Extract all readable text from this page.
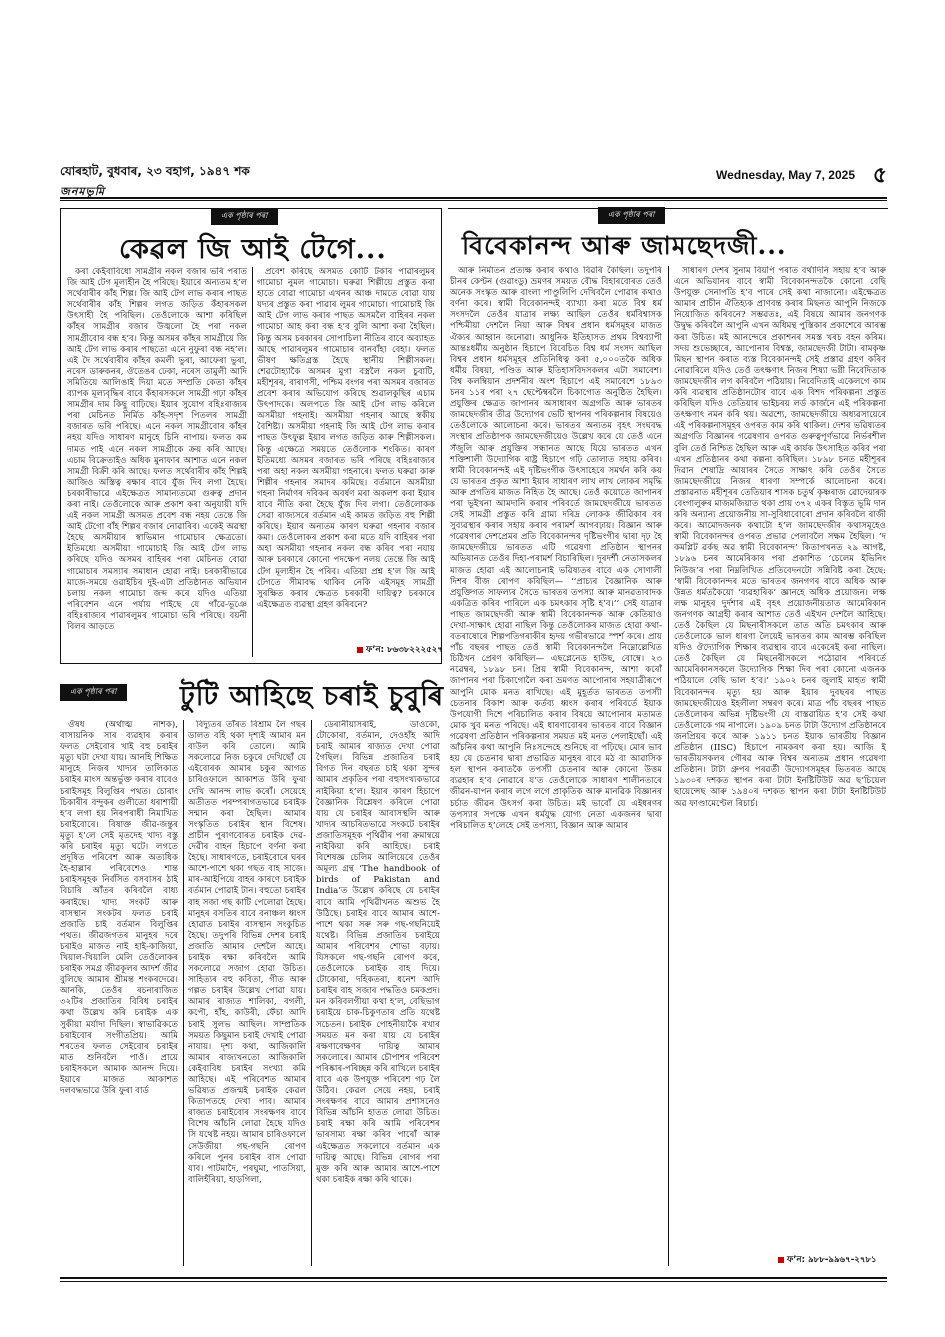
যোৰহাট, বুধবাৰ, ২৩ বহাগ, ১৯৪৭ শক
জনমভূমি
Wednesday, May 7, 2025 ৫
এক পৃষ্ঠাৰ পৰা
কেৱল জি আই টেগে...

কৰা কেইবাবিধো সামগ্ৰীৰ নকল বজাৰ ভৰি পৰাত জি আই টেগ মূল্যহীন হৈ পৰিছে। ইয়াৰে অন্যতম হ’ল সৰ্থেবাৰীৰ কাঁহ শিল্প। জি আই টেগ লাভ কৰাৰ পাছত সৰ্থেবাৰীৰ কাঁহ শিল্পৰ লগত জড়িত কঁহাৰসকল উৎসাহী হৈ পৰিছিল। তেওঁলোকে আশা কৰিছিল কাঁহৰ সামগ্ৰীৰ বজাৰ উজ্বলো হৈ পৰা নকল সামগ্ৰীবোৰ বন্ধ হ’ব। কিন্তু অসমৰ কাঁহৰ সামগ্ৰীয়ে জি আই টেগ লাভ কৰাৰ পাছতো এনে নুফুৰা বন্ধ নহ’ল। এই দৈ সৰ্থেবাৰীৰ কাঁহৰ কমলী ভুৰা, আফেৰা ভুৰা, নৰেস ডাৰুকনৰ, ঔতেঙৰ ঢেকা, নৰেস তামুলী আদি সমিতিয়ে আলিঙাই দিয়া মতে সম্প্ৰতি কেতা কাঁহৰ ব্যাপক মূল্যবৃদ্ধিৰ বাবে কঁহাৰসকলে সামগ্ৰী গঢ়া কাঁহৰ সামগ্ৰীৰ দাম কিছু বাঢ়িছে। ইয়াৰ সুযোগ বহিঃৰাজ্যৰ পৰা মেচিনত নিৰ্মিত কাঁহ-সদৃশ পিতলৰ সামগ্ৰী বজাৰত ভৰি পৰিছে। এনে নকল সামগ্ৰীবোৰ কাঁহৰ নহয় যদিও সাধাৰণ মানুহে চিনি নাপায়। ফলত কম দামত পাই এনে নকল সামগ্ৰীকে ক্ৰয় কৰি আছে। এচাম বিক্ৰেতাইও অধিক মুনাফাৰ আশাত এনে নকল সামগ্ৰী বিক্ৰী কৰি আছে। ফলত সৰ্থেবাৰীৰ কাঁহ শিল্পই আজিও অস্তিত্ব ৰক্ষাৰ বাবে যুঁজ দিব লগা হৈছে। চৰকাৰীভাৱে এইক্ষেত্ৰত সামান্যতমো গুৰুত্ব প্ৰদান কৰা নাই। তেওঁলোকে আৰু প্ৰকাশ কৰা অনুযায়ী যদি এই নকল সামগ্ৰী অসমত প্ৰবেশ বন্ধ নহয় তেন্তে জি আই টেগো বাঁহ শিল্পৰ বজাৰ নোৱাৰিব। একেই অৱস্থা হৈছে অসমীয়াৰ স্বাভিমান গামোচাৰ ক্ষেত্ৰতো। ইতিমধ্যে অসমীয়া গামোচাই জি আই টেগ লাভ কৰিছে যদিও অসমৰ বাহিৰৰ পৰা মেচিনত বোৱা গামোচাৰ সমস্যাৰ সমাধান হোৱা নাই। চৰকাৰীভাৱে মাজে-সময়ে ওৱাইচিৰ দুই-এটা প্ৰতিষ্ঠানত অভিযান চলায় নকল গামোচা জব্দ কৰে যদিও এতিয়া পৰিবেশন এনে পৰ্যায় পাইছে যে গাঁৱে-ভূঞে বহিঃৰাজ্যৰ পাৱাৰলুমৰ গামোচা ভৰি পৰিছে। বয়নী বিলৰ আড়তে

প্ৰবেশ কৰিছে অসমত কোটি টকাৰ পাৱাৰলুমৰ গামোচা নুমল গামোচা। ঘৰুৱা শিল্পীয়ে প্ৰস্তুত কৰা হাতে বোৱা গামোচা এখনৰ আঞ্চ দামতে বোৱা যায় যদ্যৰ প্ৰস্তুত কৰা পাৱাৰ লুমৰ গামোচা। গামোচাই জি আই টেগ লাভ কৰাৰ পাছত অসমলৈ বাহিৰৰ নকল গামোচা আহ কৰা বন্ধ হ’ব বুলি আশা কৰা হৈছিল। কিন্তু অসম চৰকাৰৰ সোপাচিলা নীতিৰ বাবে অব্যাহত আছে পাৱাৰলুমৰ গামোচাৰ বানবাঁহা বেহা। ফলত ভীষণ ক্ষতিগ্ৰস্ত হৈছে স্থানীয় শিল্পীসকল। শেৱটোহ্যাকৈ অসমৰ মুগা বস্ত্ৰলৈ নকল চুবাটি, মহীশূৰৰ, বাৰাণসী, পশ্চিম বংগৰ পৰা অসমৰ বজাৰত প্ৰবেশ কৰাৰ অভিযোগ কৰিছে শুৱালকুছিৰ এচাম উৎপাদকে। অলপতে জি আই টেগ লাভ কৰিলে অসমীয়া গহনাই। অসমীয়া গহনাৰ আছে স্বকীয় বৈশিষ্ট্য। অসমীয়া গহনাই জি আই টেগ লাভ কৰাৰ পাছত উৎফুল্ল ইয়াৰ লগত জড়িত কাৰু শিল্পীসকল। কিন্তু এক্ষেত্ৰে সময়তে তেওঁলোক শংকিত। কাৰণ ইতিমধ্যে অসমৰ বজাৰত ভৰি পৰিছে বহিঃৰাজ্যৰ পৰা অহা নকল অসমীয়া গহনাৰে। ফলত ঘৰুৱা কাৰু শিল্পীৰ গহনাৰ সমাদৰ কমিছে। বৰ্তমানে অসমীয়া গহনা নিৰ্মাণৰ দবিকৰ অবৰ্ষণ মৰা অকলশ কৰা ইয়াৰ বাবে নীতি কৰা হৈছে যুঁজ দিব লগা। তেওঁলোকক সেৱা ৰাজ্যসৰে বৰ্তমান এই কামত জড়িত বহু শিল্পী কৰিছে। ইয়াৰ অন্যতম কাৰণ ঘৰুৱা গহনাৰ বজাৰ কমা। তেওঁলোকৰ প্ৰকাশ কৰা মতে যদি বাহিৰৰ পৰা অহা অসমীয়া গহনাৰ নকল বন্ধ কৰিব পৰা নযায় আৰু চৰকাৰে কোনো পদক্ষেপ নলয় তেন্তে জি আই টেগ মূল্যহীন হৈ পৰিব। এতিয়া প্ৰশ্ন হ’ল জি আই টেগতে সীমাবদ্ধ থাকিব নেকি এইসমূহ সামগ্ৰী সুৰক্ষিত কৰাৰ ক্ষেত্ৰত চৰকাৰী দায়িত্ব? চৰকাৰে এইক্ষেত্ৰত ব্যৱস্থা গ্ৰহণ কৰিবনে?

ফ’ন: ৮৬৩৮২২২৫২৭
এক পৃষ্ঠাৰ পৰা
বিবেকানন্দ আৰু জামছেদজী...

আৰু নিৰ্মাতন প্ৰত্যক্ষ কৰাৰ কথাও বিৱৰি কৈছিল। তদুপৰি চীনৰ কেণ্টন (গুৱাংডু) ভ্ৰমণৰ সময়ত বৌদ্ধ বিহাৰবোৰত তেওঁ অনেক সংস্কৃত আৰু বাংলা পাণ্ডুলিপি দেখিবলৈ পোৱাৰ কথাও বৰ্ণনা কৰে। স্বামী বিবেকানন্দই ব্যাখ্যা কৰা মতে বিশ্ব ধৰ্ম সংসদলৈ তেওঁৰ যাত্ৰাৰ লক্ষ্য আছিল তেওঁৰ ধৰ্মবিশ্বাসক পশ্চিমীয়া দেশলৈ নিয়া আৰু বিশ্বৰ প্ৰধান ধৰ্মসমূহৰ মাজত ঐক্যৰ আহ্বান জনোৱা। আধুনিক ইতিহাসত প্ৰথম বিশ্বব্যাপী আন্তঃধৰ্মীয় অনুষ্ঠান হিচাপে বিবেচিত বিশ্ব ধৰ্ম সংসদ আছিল বিশ্বৰ প্ৰধান ধৰ্মসমূহৰ প্ৰতিনিধিত্ব কৰা ৫,০০০তকৈ অধিক ধৰ্মীয় বিষয়া, পণ্ডিত আৰু ইতিহাসবিদসকলৰ এটা সমাবেশ। বিশ্ব কলম্বিয়ান প্ৰদৰ্শনীৰ অংশ হিচাপে এই সমাবেশে ১৮৯৩ চনৰ ১১ৰ পৰা ২৭ ছেপ্টেম্বৰলৈ চিকাগোত অনুষ্ঠিত হৈছিল। প্ৰযুক্তিৰ ক্ষেত্ৰত জাপানৰ অসাধাৰণ অগ্ৰগতি আৰু ভাৰতৰ জামছেদজীৰ তীব্ৰ উদ্যোগৰ ভেটি স্থাপনৰ পৰিকল্পনাৰ বিষয়েও তেওঁলোকে আলোচনা কৰে। ভাৰতৰ অন্যতম বৃহৎ সংঘবদ্ধ সংস্থাৰ প্ৰতিষ্ঠাপক জামছেদজীয়েও উল্লেখ কৰে যে তেওঁ এনে সঁজুলি আৰু প্ৰযুক্তিৰ সন্ধানত আছে যিয়ে ভাৰতত এখন শক্তিশালী উদ্যোগিক ৰাষ্ট্ৰ হিচাপে গঢ়ি তোলাত সহায় কৰিব। স্বামী বিবেকানন্দই এই দৃষ্টিভংগীক উৎসাহেৰে সমৰ্থন কৰি কয় যে ভাৰতৰ প্ৰকৃত আশা ইয়াৰ সাধাৰণ লাখ লাখ লোকৰ সমৃদ্ধি আৰু প্ৰগতিৰ মাজত নিহিত হৈ আছে। তেওঁ কয়োতে জাপানৰ পৰা ভূইখনা আমদানি কৰাৰ পৰিবৰ্তে জামছেদজীয়ে ভাৰতত সেই সামগ্ৰী প্ৰস্তুত কৰি গ্ৰাম্য দৰিদ্ৰ লোকক জীৱিকাৰ বৰ সুব্যৱস্থাৰ কৰাৰ সহায় কৰাৰ পৰামৰ্শ আগবঢ়ায়। বিজ্ঞান আৰু গৱেষণাৰ দেশপ্ৰেমৰ প্ৰতি বিবেকানন্দৰ দৃষ্টিভংগীৰ দ্বাৰা দৃঢ় হৈ জামছেদজীয়ে ভাৰতত এটি গৱেষণা প্ৰতিষ্ঠান স্থাপনৰ অভিযানত তেওঁৰ দিহা-পৰামৰ্শ বিচাৰিছিল। দূৰদৰ্শী নেতাসকলৰ মাজত হোৱা এই আলোচনাই ভৱিষ্যতৰ বাবে এক সোণালী দিশৰ বীজ ৰোপণ কৰিছিল— ‘‘প্ৰাচ্যৰ বৈজ্ঞানিক আৰু প্ৰযুক্তিগত সাফল্যৰ সৈতে ভাৰতৰ তপস্যা আৰু মানৱতাবাদক একত্ৰিত কৰিব পাৰিলে এক চমৎকাৰ সৃষ্টি হ’ব।’’ সেই যাত্ৰাৰ পাছত জামছেদজী আৰু স্বামী বিবেকানন্দক আৰু কেতিয়াও দেখা-সাক্ষাৎ হোৱা নাছিল কিন্তু তেওঁলোকৰ মাজত হোৱা কথা-বতৰাষোৰে শিল্পপতিগৰাকীৰ হৃদয় গভীৰভাৱে স্পৰ্শ কৰে। প্ৰায় পাঁচ বছৰৰ পাছত তেওঁ স্বামী বিবেকানন্দলৈ নিম্নোল্লেখিত চিঠিখন প্ৰেৰণ কৰিছিল— এছপ্লেনেড হাউছ, বোম্বে। ২৩ নৱেম্বৰ, ১৮৯৮ চন। প্ৰিয় স্বামী বিবেকানন্দ, আশা কৰোঁ জাপানৰ পৰা চিকাগোলৈ কৰা ভ্ৰমণত আপোনাৰ সহযাত্ৰীৰূপে আপুনি মোক মনত ৰাখিছে। এই মুহূৰ্তত ভাৰতত তপস্যী চেতনাৰ বিকাশ আৰু কৰ্তব্য ধ্বংস কৰাৰ পৰিবৰ্তে ইয়াক উপযোগী দিশে পৰিচালিত কৰাৰ বিষয়ে আপোনাৰ মতামত মোক খুব মনত পৰিছে। এই ধাৰণাবোৰৰ ভাৰতৰ বাবে বিজ্ঞান গৱেষণা প্ৰতিষ্ঠান পৰিকল্পনাৰ সময়ত মই মনত পেলাইছোঁ। এই আঁচনিৰ কথা আপুনি নিঃসন্দেহে শুনিছে বা পঢ়িছে। মোৰ ভাব হয় যে চেতনাৰ দ্বাৰা প্ৰভাৱিত মানুহৰ বাবে মঠ বা আৱাসিক হল স্থাপন কৰাতকৈ তপস্যী চেতনাৰ আৰু কোনো উত্তম ব্যৱহাৰ হ’ব নোৱাৰে য’ত তেওঁলোকে সাধাৰণ শালীনতাৰে জীৱন-যাপন কৰাৰ লগে লগে প্ৰাকৃতিক আৰু মানৱিক বিজ্ঞানৰ চৰ্চাত জীৱন উৎসৰ্গ কৰা উচিত। মই ভাবোঁ যে এইধৰণৰ তপস্যাৰ সপক্ষে এখন ধৰ্মযুদ্ধ যোগ্য নেতা একজনৰ দ্বাৰা পৰিচালিত হ’লেহে সেই তপস্যা, বিজ্ঞান আৰু আমাৰ

সাধাৰণ দেশৰ সুনাম বিয়পি পৰাত বৰ্থাদিনি সহায় হ’ব আৰু এনে অভিযানৰ বাবে স্বামী বিবেকানন্দতকৈ কোনো বেছি উপযুক্ত সেনাপতি হ’ব পাৰে সেই কথা নাজানো। এইক্ষেত্ৰত আমাৰ প্ৰাচীন ঐতিহ্যক প্ৰাণবন্ত কৰাৰ মিছনত আপুনি নিজকে নিয়োজিত কৰিবনে? সম্ভৱতঃ, এই বিষয়ে আমাৰ জনগণক উদ্বুদ্ধ কৰিবলৈ আপুনি এখন অধিমন্থ পুস্তিকাৰ প্ৰকাশেৰে আৰম্ভ কৰা উচিত। মই আনন্দেৰে প্ৰকাশনৰ সমস্ত খৰচ বহন কৰিম। সদয় শুভেচ্ছাৰে, আপোনাৰ বিশ্বস্ত, জামছেদজী টাটা। ৰামকৃষ্ণ মিছন স্থাপন কৰাত ব্যস্ত বিবেকানন্দই সেই প্ৰস্তাৱ গ্ৰহণ কৰিব নোৱাৰিলে যদিও তেওঁ তৎক্ষণাৎ নিজৰ শিষ্যা ভগ্নী নিবেদিতাক জামছেদজীৰ লগ কৰিবলৈ পঠিয়ায়। নিবেদিতাই একেলগে কাম কৰি ব্যৱস্থাৰ প্ৰতিষ্ঠানটোৰ বাবে এক বিশদ পৰিকল্পনা প্ৰস্তুত কৰিছিল যদিও তেতিয়াৰ ভাইচৰয় লৰ্ড কাৰ্জনে এই পৰিকল্পনা তৎক্ষণাৎ নমন কৰি থয়। অৱশ্যে, জামছেদজীয়ে অধ্যৱসায়েৰে এই পৰিকল্পনাসমূহৰ ওপৰত কাম কৰি থাকিল। দেশৰ ভৱিষ্যতৰ অগ্ৰগতি বিজ্ঞানৰ গৱেষণাৰ ওপৰত গুৰুত্বপূৰ্ণভাৱে নিৰ্ভৰশীল বুলি তেওঁ নিশ্চিত হৈছিল আৰু এই কাৰ্যক উৎসাহিত কৰিব পৰা এখন প্ৰতিষ্ঠানৰ কথা কল্পনা কৰিছিল। ১৮৯৮ চনত মহীশূৰৰ দিৱান শেষাদ্ৰি আয়াৰৰ সৈতে সাক্ষাৎ কৰি তেওঁৰ সৈতে জামছেদজীয়ে নিজৰ ধাৰণা সম্পৰ্কে আলোচনা কৰে। প্ৰস্তাৱনাত মহীশূৰৰ তেতিয়াৰ শাসক চতুৰ্থ কৃষ্ণৰাজ ৱোদেয়াৰক বেংগালুৰুৰ মাজমজিয়াত থকা প্ৰায় ৩৭২ একৰ বিস্তৃত ভূমি দান কৰি অন্যান্য প্ৰয়োজনীয় সা-সুবিধাবোৰো প্ৰদান কৰিবলৈ ৰাজী কৰে। আমোদজনক কথাটো হ’ল জামছেদজীৰ কথাসমূহেও স্বামী বিবেকানন্দৰ ওপৰত প্ৰভাৱ পেলাবলৈ সক্ষম হৈছিল। ‘দ কমপ্লিট ৱৰ্কছ অৱ স্বামী বিবেকানন্দ’ কিতাপখনত ২৯ আগষ্ট, ১৮৯৬ চনৰ আমেৰিকাৰ পৰা প্ৰকাশিত ‘চেলেম ইভিনিং নিউজ’ৰ পৰা নিম্নলিখিত প্ৰতিবেদনটো সন্নিবিষ্ট কৰা হৈছে: ‘স্বামী বিবেকানন্দৰ মতে ভাৰতৰ জনগণৰ বাবে অধিক আৰু উন্নত ধৰ্মতকৈয়ো ‘ব্যৱহাৰিক’ জ্ঞানহে অধিক প্ৰয়োজন। লক্ষ লক্ষ মানুহৰ দুৰ্দশাৰ এই বৃহৎ প্ৰয়োজনীয়তাত আমেৰিকান জনগণক আগ্ৰহী কৰাৰ আশাত তেওঁ এইখন দেশলৈ আহিছে। তেওঁ কৈছিল যে মিছনাৰীসকলে তাত অতি চমৎকাৰ আৰু তেওঁলোকে ভাল ধাৰণা লৈয়েই ভাৰতৰ কাম আৰম্ভ কৰিছিল যদিও ঔদ্যোগিক শিক্ষাৰ ব্যৱস্থাৰ বাবে একেৰেই কৰা নাছিল। তেওঁ কৈছিল যে মিছনেৰীসকলে পঠোৱাৰ পৰিবৰ্তে আমেৰিকানসকলে উদ্যোগিক শিক্ষা দিব পৰা কোনো এজনক পঠিয়ালে বেছি ভাল হ’ব।’ ১৯০২ চনৰ জুলাই মাহত স্বামী বিবেকানন্দৰ মৃত্যু হয় আৰু ইয়াৰ দুবছৰৰ পাছত জামছেদজীয়েও ইহলীলা সম্বৰণ কৰে। মাত্ৰ পাঁচ বছৰৰ পাছত তেওঁলোকৰ অভিন্ন দৃষ্টিভংগী যে বাস্তৱায়িত হ’ব সেই কথা তেওঁলোকে গম নাপালে। ১৯০৯ চনত টাটা উদ্যোগ প্ৰতিষ্ঠানৰে জনপ্ৰিয়ৰ কৰে আৰু ১৯১১ চনত ইয়াক ভাৰতীয় বিজ্ঞান প্ৰতিষ্ঠান (IISC) হিচাপে নামকৰণ কৰা হয়। আজি ই ভাৰতীয়সকলৰ গৌৰৱ আৰু বিশ্বৰ অন্যতম প্ৰধান গৱেষণা প্ৰতিষ্ঠান। টাটা গ্ৰুপৰ পৰৱৰ্তী উদ্যোগসমূহৰ ভিতৰত আছে ১৯৩০ৰ দশকত স্থাপন কৰা টাটা ইনষ্টিটিউট অৱ ছ’চিয়েল ছায়েন্সেছ আৰু ১৯৪০ৰ দশকত স্থাপন কৰা টাটা ইনষ্টিটিউট অৱ ফাণ্ডামেণ্টেল ৰিচাৰ্চ।

ফ’ন: ৯৮৮-৯৯৬৭-২৭৮১
এক পৃষ্ঠাৰ পৰা	টুটি আহিছে চৰাই চুবুৰি

ঔষধ (অৰ্থাত্ম নাশক), বাসায়নিক সাৰ ব্যৱহাৰ কৰাৰ ফলত সেইবোৰ খাই বহু চৰাইৰ মৃত্যু ঘটা দেখা যায়। আনহি শিক্ষিত মানুহে নিজৰ খাদ্যৰ তালিকাত চৰাইৰ মাংস অন্তৰ্ভুক্ত কৰাৰ বাবেও চৰাইসমূহ বিলুপ্তিৰ পথত। চোৰাং চিকাৰীৰ বন্দুকৰ গুলীতো ধৰাশায়ী হ’ব লগা হয় নিৰপৰাধী নিমাখিত চৰাইবোৰে। বিষাক্ত জীৱ-জন্তুৰ মৃত্যু হ’লে সেই মৃতদেহ খাদ্য বস্তু কৰি চৰাইৰ মৃত্যু ঘটে। লগতে প্ৰদূষিত পৰিবেশ আৰু অত্যধিক হৈ-হাল্লাৰ পৰিবেশেও শান্ত চৰাইসমূহক নিৰ্বসিত বসবাসৰ ঠাই বিচাৰি আঁতৰ কৰিবলৈ বাধ্য কৰাইছে। খাদ্য সংকট আৰু বাসস্থান সংকটৰ ফলত চৰাই প্ৰজাতি চাই বৰ্তমান বিলুপ্তিৰ পথত। জীৱজগতৰ মানুহৰ দৰে চৰাইও মাজত নাই হাই-কাজিয়া, খিয়াল-খিয়ালি মেলি তেওঁলোকৰ চৰাইক সমগ্ৰ জীৱকূলৰ আদৰ্শ জীৱ বুলিছে আমাৰ শ্ৰীমন্ত শংকৰদেৱে। আনকি, তেওঁৰ ৰচনাৰাজিত ৩২টিৰ প্ৰজাতিৰ বিবিধ চৰাইৰ কথা উল্লেখ কৰি চৰাইক এক সুকীয়া মৰ্যাদা দিছিল। স্বাভাৱিকতে চৰাইবোৰ সংগীতপ্ৰিয়। আমি শৰতেৰ ফলত সেইবোৰ চৰাইৰ মাত শুনিবলৈ পাওঁ। প্ৰায়ে চৰাইসকলে আমাক আনন্দ দিয়ে। ইয়াৰে মাজত আকাশত দলবদ্ধভাৱে উৰি ফুৰা বাৰ্ড

বিদ্যুতৰ তাঁৰত বিশ্ৰাম লৈ গছৰ ডালত বহি থকা দৃশ্যই আমাৰ মন বাউল কৰি তোলে। আমি সকলোৱে নিজ চকুৰে দেখিছোঁ যে এইবোৰক আমাৰ চকুৰ আগত চাৰিওফালে আকাশত উৰি ফুৰা দেখি আনন্দ লাভ কৰোঁ। সেয়েহে অতীতত পৰম্পৰাগতভাৱে চৰাইক সন্মান কৰা হৈছিল। আমাৰ সংস্কৃতিত চৰাইৰ স্থান বিশেষ। প্ৰাচীন পুৰাণবোৰত চৰাইক দেৱ-দেৱীৰ বাহন হিচাপে বৰ্ণনা কৰা হৈছে। সাধাৰণতে, চৰাইবোৰে ঘৰৰ আশে-পাশে থকা গছত বাহ সাজে। মাৰ-আইপিয়ে বাহৰ কাৰণে চৰাইক বৰ্তমান পোৱাই টান। বহুতো চৰাইৰ বাহ সজা গছ কাটি পেলোৱা হৈছে। মানুহৰ বসতিৰ বাবে বনাঞ্চল ধ্বংস হোৱাত চৰাইৰ বাসস্থান সংকুচিত হৈছে। তদুপৰি বিভিন্ন দেশৰ চৰাই প্ৰজাতি আমাৰ দেশলৈ আহে। চৰাইক ৰক্ষা কৰিবলৈ আমি সকলোৱে সজাগ হোৱা উচিত। সাহিত্যৰ বহু কবিতা, গীত আৰু গল্পত চৰাইৰ উল্লেখ পোৱা যায়। আমাৰ ৰাজ্যত শালিকা, বগলী, কপৌ, হাঁহ, কাউৰী, ফেঁচা আদি চৰাই সুলভ আছিল। সাম্প্ৰতিক সময়ত কিছুমান চৰাই দেখাই পোৱা নাযায়। দৃশ্য কথা, আজিকালি আমাৰ ৰাজ্যখনতো আজিকালি কেইবাবিধ চৰাইৰ সংখ্যা কমি আহিছে। এই পৰিবেশত আমাৰ ভৱিষ্যত প্ৰজন্মই চৰাইক কেৱল কিতাপতহে দেখা পাব। আমাৰ ৰাজ্যত চৰাইবোৰ সংৰক্ষণৰ বাবে বিশেষ আঁচনি লোৱা হৈছে যদিও সি যথেষ্ট নহয়। আমাৰ চাৰিওফালে সেউজীয়া গছ-গছনি ৰোপণ কৰিলে পুনৰ চৰাইৰ বাস পোৱা যাব। পাটমাদৈ, পৰঘুমা, পাতসিয়া, বালিহঁৰিয়া, হাড়গিলা,

ডেৰানীয়াসৰাই, ডাওকো, টোকোৰা, বৰ্তমান, দেওহাঁহ আদি চৰাই আমাৰ ৰাজ্যত দেখা পোৱা গৈছিল। বিভিন্ন প্ৰজাতিৰ চৰাই বিগত দিন বছৰত চাই থকা সুন্দৰ আমাৰ প্ৰকৃতিৰ পৰা বহুসংখ্যকভাৱে নাইকিয়া হ’ল। ইয়াৰ কাৰণ হিচাপে বৈজ্ঞানিক বিশ্লেষণ কৰিলে পোৱা যায় যে চৰাইৰ আবাসস্থলি আৰু খাদ্যৰ আচৰিতভাৱে সংকটে চৰাইৰ প্ৰজাতিসমূহক পৃথিৱীৰ পৰা ক্ৰমান্বয়ে নাইকিয়া কৰি আহিছে। চৰাই বিশেষজ্ঞ চেলিম আলিয়েৰে তেওঁৰ অমূল্য গ্ৰন্থ ‘The handbook of birds of Pakistan and India’ত উল্লেখ কৰিছে যে চৰাইৰ বাবে আমি পৃথিৱীখনত অশুভ হৈ উঠিছে। চৰাইৰ বাবে আমাৰ আশে-পাশে থকা সৰু সৰু গছ-গছনিয়েই যথেষ্ট। বিভিন্ন প্ৰজাতিৰ চৰাইয়ে আমাৰ পৰিবেশৰ শোভা বঢ়ায়। যিসকলে গছ-গছনি ৰোপণ কৰে, তেওঁলোকে চৰাইক বাহ দিয়ে। টোকোৰা, দহিকতৰা, ধনেশ আদি চৰাইৰ বাহ সজাৰ পদ্ধতিও চমকপ্ৰদ। মন কৰিবলগীয়া কথা হ’ল, বেছিভাগ চৰাইয়ে চাক-চিকুণতাৰ প্ৰতি যথেষ্ট সচেতন। চৰাইক পোহনীয়াকৈ ৰখাৰ সময়ত মন কৰা যায় যে চৰাইৰ ৰক্ষণাবেক্ষণৰ দায়িত্ব আমাৰ সকলোৰে। আমাৰ চৌপাশৰ পৰিবেশ পৰিষ্কাৰ-পৰিচ্ছন্ন কৰি ৰাখিলে চৰাইৰ বাবে এক উপযুক্ত পৰিবেশ গঢ় লৈ উঠিব। কেৱল সেয়ে নহয়, চৰাই সংৰক্ষণৰ বাবে আমাৰ প্ৰশাসনেও বিভিন্ন আঁচনি হাতত লোৱা উচিত। চৰাই ৰক্ষা কৰি আমি পৰিবেশৰ ভাৰসাম্য ৰক্ষা কৰিব পাৰোঁ আৰু এইক্ষেত্ৰত সকলোৰে বৰ্তমান এক দায়িত্ব আছে। বিভিন্ন ৰোগৰ পৰা মুক্ত কৰি আৰু আমাৰ আশে-পাশে থকা চৰাইক ৰক্ষা কৰি থাকে।
